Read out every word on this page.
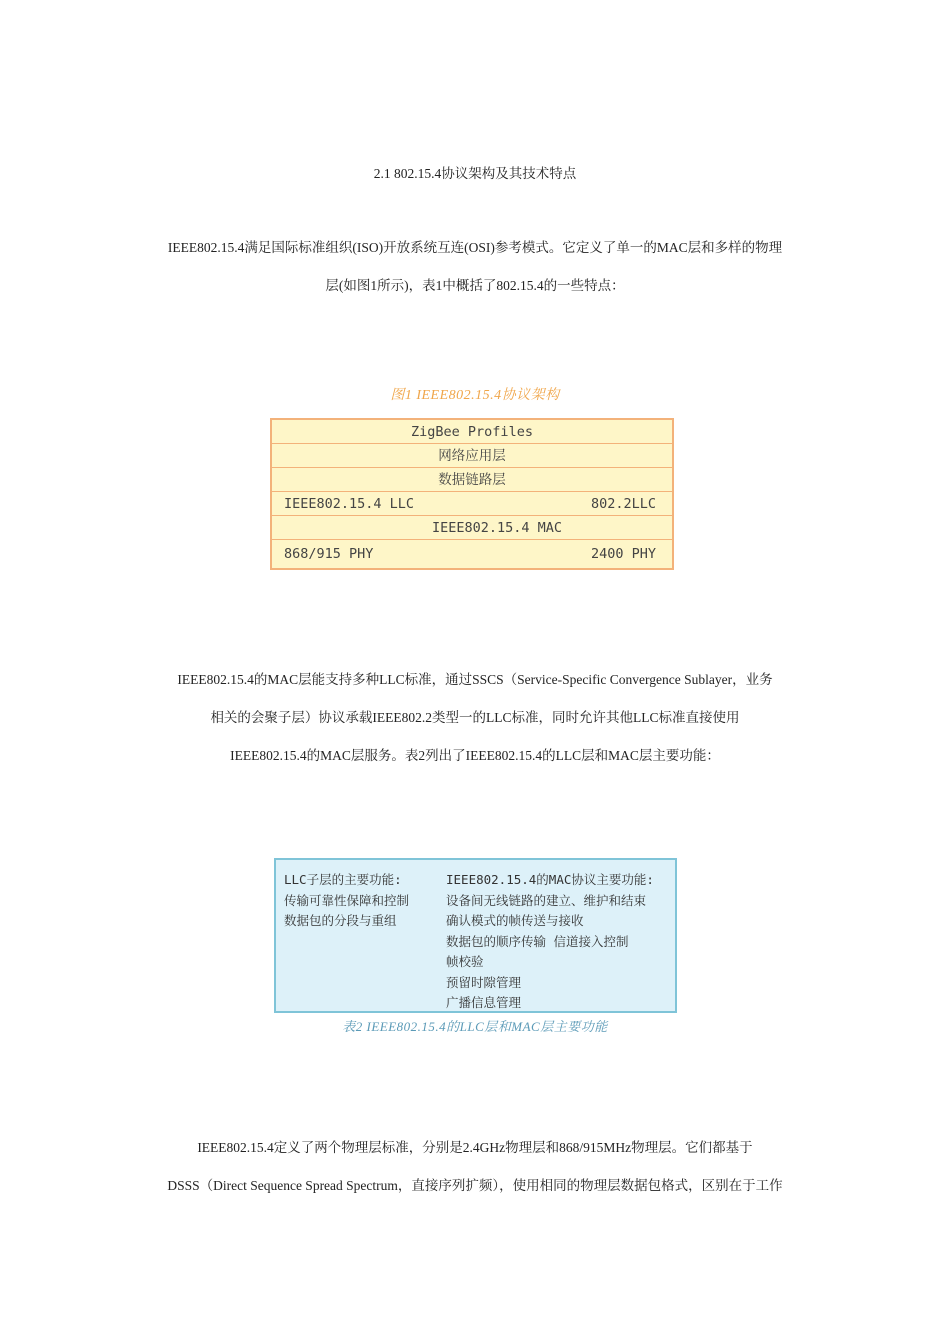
2.1 802.15.4协议架构及其技术特点
IEEE802.15.4满足国际标准组织(ISO)开放系统互连(OSI)参考模式。它定义了单一的MAC层和多样的物理
层(如图1所示)，表1中概括了802.15.4的一些特点：
图1 IEEE802.15.4协议架构
ZigBee Profiles
网络应用层
数据链路层
IEEE802.15.4 LLC	802.2LLC
IEEE802.15.4 MAC
868/915 PHY	2400 PHY
IEEE802.15.4的MAC层能支持多种LLC标准，通过SSCS（Service-Specific Convergence Sublayer，业务
相关的会聚子层）协议承载IEEE802.2类型一的LLC标准，同时允许其他LLC标准直接使用
IEEE802.15.4的MAC层服务。表2列出了IEEE802.15.4的LLC层和MAC层主要功能：
LLC子层的主要功能:
传输可靠性保障和控制
数据包的分段与重组
IEEE802.15.4的MAC协议主要功能:
设备间无线链路的建立、维护和结束
确认模式的帧传送与接收
数据包的顺序传输 信道接入控制
帧校验
预留时隙管理
广播信息管理
表2 IEEE802.15.4的LLC层和MAC层主要功能
IEEE802.15.4定义了两个物理层标准，分别是2.4GHz物理层和868/915MHz物理层。它们都基于
DSSS（Direct Sequence Spread Spectrum，直接序列扩频），使用相同的物理层数据包格式，区别在于工作
